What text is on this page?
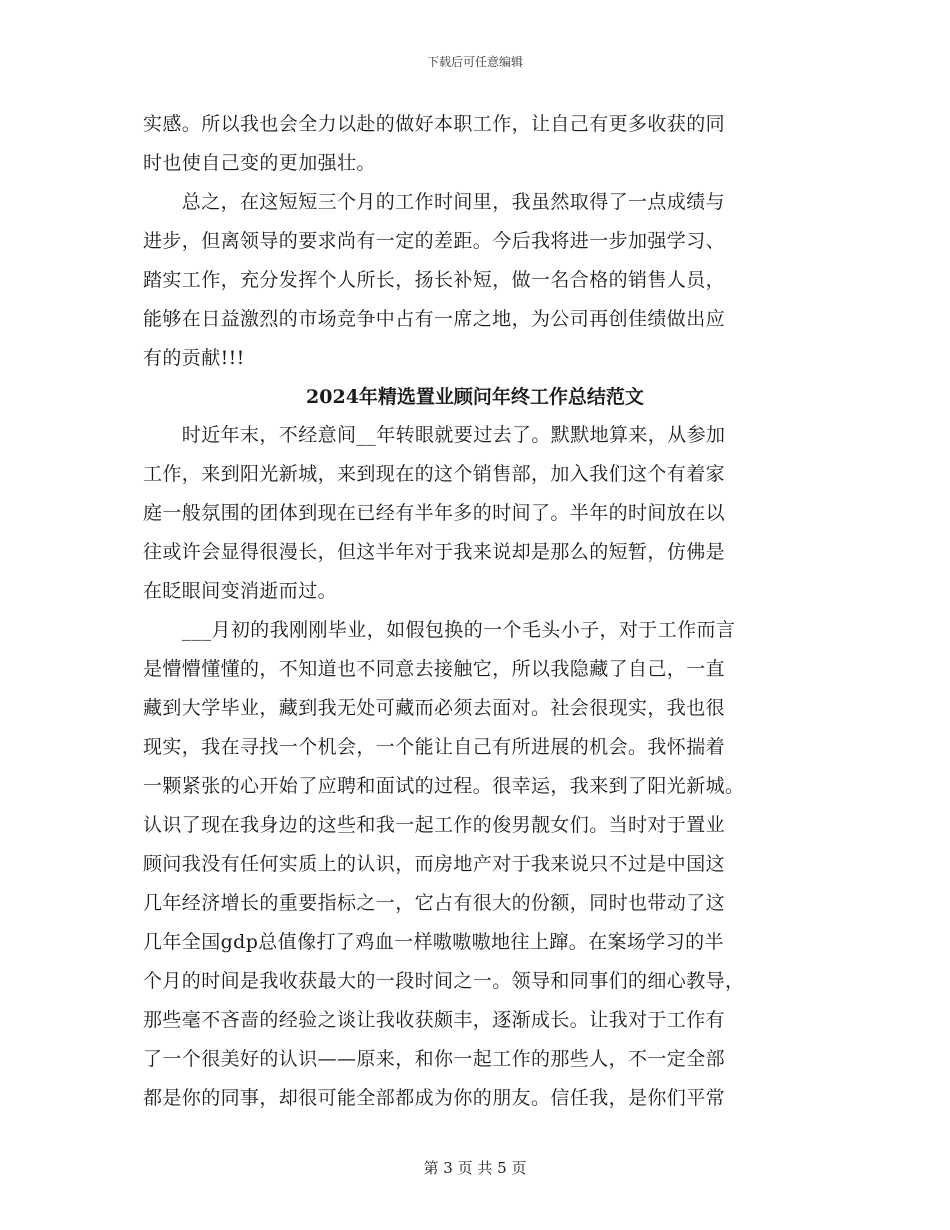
下载后可任意编辑
实感。所以我也会全力以赴的做好本职工作，让自己有更多收获的同
时也使自己变的更加强壮。
　　总之，在这短短三个月的工作时间里，我虽然取得了一点成绩与
进步，但离领导的要求尚有一定的差距。今后我将进一步加强学习、
踏实工作，充分发挥个人所长，扬长补短，做一名合格的销售人员，
能够在日益激烈的市场竞争中占有一席之地，为公司再创佳绩做出应
有的贡献!!!
2024年精选置业顾问年终工作总结范文
　　时近年末，不经意间__年转眼就要过去了。默默地算来，从参加
工作，来到阳光新城，来到现在的这个销售部，加入我们这个有着家
庭一般氛围的团体到现在已经有半年多的时间了。半年的时间放在以
往或许会显得很漫长，但这半年对于我来说却是那么的短暂，仿佛是
在眨眼间变消逝而过。
　　___月初的我刚刚毕业，如假包换的一个毛头小子，对于工作而言
是懵懵懂懂的，不知道也不同意去接触它，所以我隐藏了自己，一直
藏到大学毕业，藏到我无处可藏而必须去面对。社会很现实，我也很
现实，我在寻找一个机会，一个能让自己有所进展的机会。我怀揣着
一颗紧张的心开始了应聘和面试的过程。很幸运，我来到了阳光新城。
认识了现在我身边的这些和我一起工作的俊男靓女们。当时对于置业
顾问我没有任何实质上的认识，而房地产对于我来说只不过是中国这
几年经济增长的重要指标之一，它占有很大的份额，同时也带动了这
几年全国gdp总值像打了鸡血一样嗷嗷嗷地往上蹿。在案场学习的半
个月的时间是我收获最大的一段时间之一。领导和同事们的细心教导，
那些毫不吝啬的经验之谈让我收获颇丰，逐渐成长。让我对于工作有
了一个很美好的认识——原来，和你一起工作的那些人，不一定全部
都是你的同事，却很可能全部都成为你的朋友。信任我，是你们平常
第 3 页 共 5 页
